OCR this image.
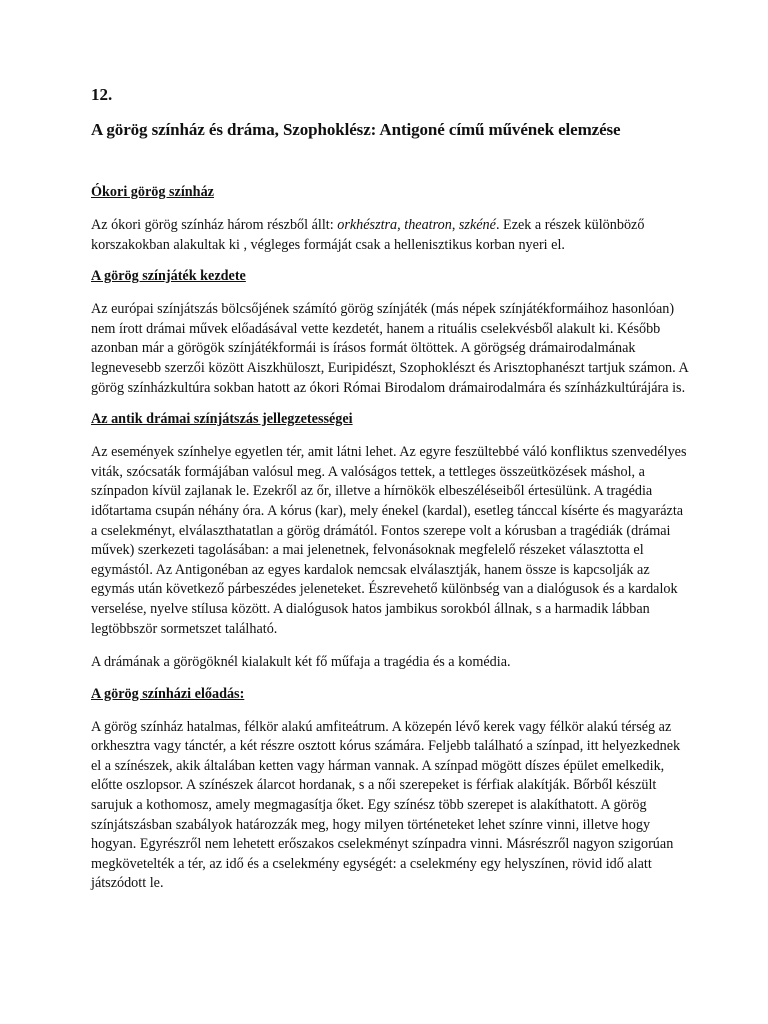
12.

A görög színház és dráma, Szophoklész: Antigoné című művének elemzése
Ókori görög színház

Az ókori görög színház három részből állt: orkhésztra, theatron, szkéné. Ezek a részek különböző korszakokban alakultak ki , végleges formáját csak a hellenisztikus korban nyeri el.

A görög színjáték kezdete

Az európai színjátszás bölcsőjének számító görög színjáték (más népek színjátékformáihoz hasonlóan) nem írott drámai művek előadásával vette kezdetét, hanem a rituális cselekvésből alakult ki. Később azonban már a görögök színjátékformái is írásos formát öltöttek. A görögség drámairodalmának legnevesebb szerzői között Aiszkhüloszt, Euripidészt, Szophoklészt és Arisztophanészt tartjuk számon. A görög színházkultúra sokban hatott az ókori Római Birodalom drámairodalmára és színházkultúrájára is.

Az antik drámai színjátszás jellegzetességei

Az események színhelye egyetlen tér, amit látni lehet. Az egyre feszültebbé váló konfliktus szenvedélyes viták, szócsaták formájában valósul meg. A valóságos tettek, a tettleges összeütközések máshol, a színpadon kívül zajlanak le. Ezekről az őr, illetve a hírnökök elbeszéléseiből értesülünk. A tragédia időtartama csupán néhány óra. A kórus (kar), mely énekel (kardal), esetleg tánccal kísérte és magyarázta a cselekményt, elválaszthatatlan a görög drámától. Fontos szerepe volt a kórusban a tragédiák (drámai művek) szerkezeti tagolásában: a mai jelenetnek, felvonásoknak megfelelő részeket választotta el egymástól. Az Antigonéban az egyes kardalok nemcsak elválasztják, hanem össze is kapcsolják az egymás után következő párbeszédes jeleneteket. Észrevehető különbség van a dialógusok és a kardalok verselése, nyelve stílusa között. A dialógusok hatos jambikus sorokból állnak, s a harmadik lábban legtöbbször sormetszet található.

A drámának a görögöknél kialakult két fő műfaja a tragédia és a komédia.

A görög színházi előadás:

A görög színház hatalmas, félkör alakú amfiteátrum. A közepén lévő kerek vagy félkör alakú térség az orkhesztra vagy tánctér, a két részre osztott kórus számára. Feljebb található a színpad, itt helyezkednek el a színészek, akik általában ketten vagy hárman vannak. A színpad mögött díszes épület emelkedik, előtte oszlopsor. A színészek álarcot hordanak, s a női szerepeket is férfiak alakítják. Bőrből készült sarujuk a kothomosz, amely megmagasítja őket. Egy színész több szerepet is alakíthatott. A görög színjátszásban szabályok határozzák meg, hogy milyen történeteket lehet színre vinni, illetve hogy hogyan. Egyrészről nem lehetett erőszakos cselekményt színpadra vinni. Másrészről nagyon szigorúan megkövetelték a tér, az idő és a cselekmény egységét: a cselekmény egy helyszínen, rövid idő alatt játszódott le.
